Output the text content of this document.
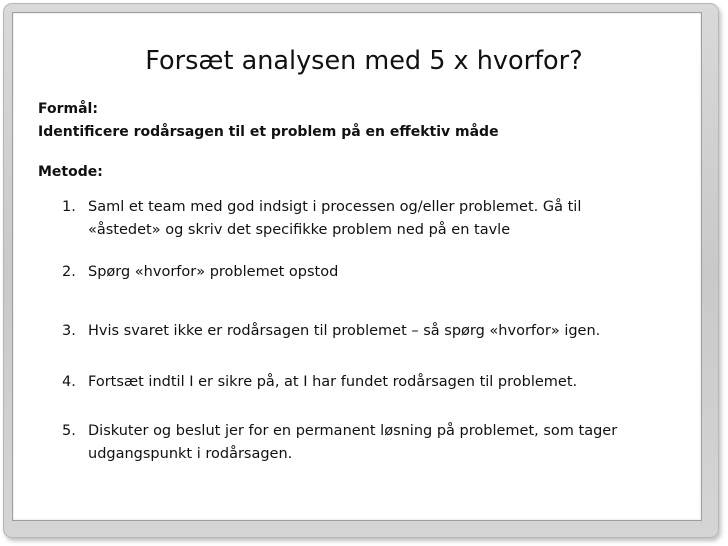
Forsæt analysen med 5 x hvorfor?
Formål:
Identificere rodårsagen til et problem på en effektiv måde
Metode:
1. Saml et team med god indsigt i processen og/eller problemet. Gå til «åstedet» og skriv det specifikke problem ned på en tavle
2. Spørg «hvorfor» problemet opstod
3. Hvis svaret ikke er rodårsagen til problemet – så spørg «hvorfor» igen.
4. Fortsæt indtil I er sikre på, at I har fundet rodårsagen til problemet.
5. Diskuter og beslut jer for en permanent løsning på problemet, som tager udgangspunkt i rodårsagen.
